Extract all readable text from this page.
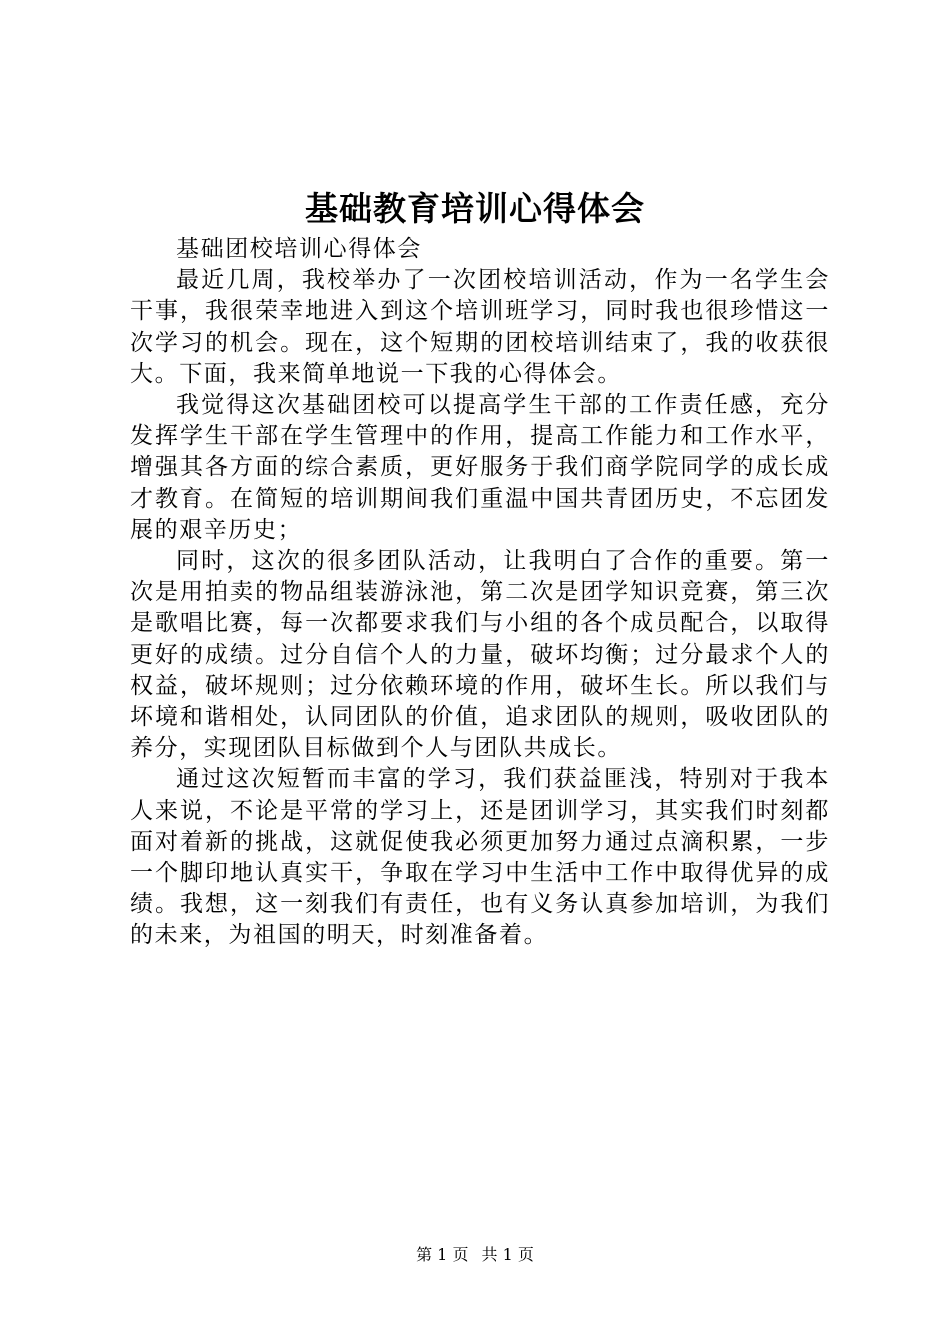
基础教育培训心得体会

基础团校培训心得体会

最近几周，我校举办了一次团校培训活动，作为一名学生会干事，我很荣幸地进入到这个培训班学习，同时我也很珍惜这一次学习的机会。现在，这个短期的团校培训结束了，我的收获很大。下面，我来简单地说一下我的心得体会。

我觉得这次基础团校可以提高学生干部的工作责任感，充分发挥学生干部在学生管理中的作用，提高工作能力和工作水平，增强其各方面的综合素质，更好服务于我们商学院同学的成长成才教育。在简短的培训期间我们重温中国共青团历史，不忘团发展的艰辛历史；

同时，这次的很多团队活动，让我明白了合作的重要。第一次是用拍卖的物品组装游泳池，第二次是团学知识竞赛，第三次是歌唱比赛，每一次都要求我们与小组的各个成员配合，以取得更好的成绩。过分自信个人的力量，破坏均衡；过分最求个人的权益，破坏规则；过分依赖环境的作用，破坏生长。所以我们与坏境和谐相处，认同团队的价值，追求团队的规则，吸收团队的养分，实现团队目标做到个人与团队共成长。

通过这次短暂而丰富的学习，我们获益匪浅，特别对于我本人来说，不论是平常的学习上，还是团训学习，其实我们时刻都面对着新的挑战，这就促使我必须更加努力通过点滴积累，一步一个脚印地认真实干，争取在学习中生活中工作中取得优异的成绩。我想，这一刻我们有责任，也有义务认真参加培训，为我们的未来，为祖国的明天，时刻准备着。

第 1 页 共 1 页
